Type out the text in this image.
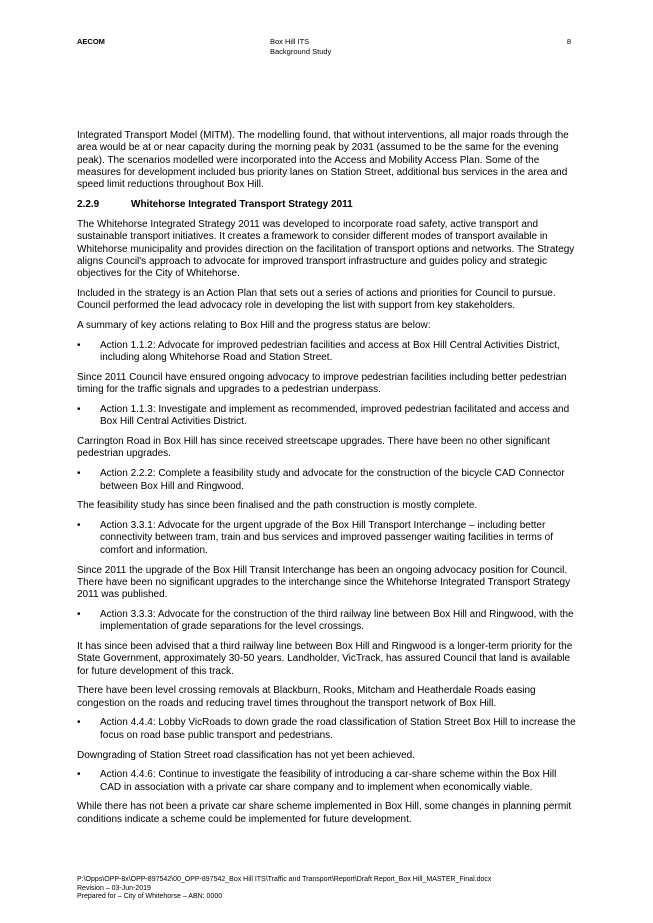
AECOM	Box Hill ITS
Background Study
8

Integrated Transport Model (MITM). The modelling found, that without interventions, all major roads through the area would be at or near capacity during the morning peak by 2031 (assumed to be the same for the evening peak). The scenarios modelled were incorporated into the Access and Mobility Access Plan. Some of the measures for development included bus priority lanes on Station Street, additional bus services in the area and speed limit reductions throughout Box Hill.

2.2.9	Whitehorse Integrated Transport Strategy 2011

The Whitehorse Integrated Strategy 2011 was developed to incorporate road safety, active transport and sustainable transport initiatives. It creates a framework to consider different modes of transport available in Whitehorse municipality and provides direction on the facilitation of transport options and networks. The Strategy aligns Council's approach to advocate for improved transport infrastructure and guides policy and strategic objectives for the City of Whitehorse.

Included in the strategy is an Action Plan that sets out a series of actions and priorities for Council to pursue. Council performed the lead advocacy role in developing the list with support from key stakeholders.

A summary of key actions relating to Box Hill and the progress status are below:

•	Action 1.1.2: Advocate for improved pedestrian facilities and access at Box Hill Central Activities District, including along Whitehorse Road and Station Street.

Since 2011 Council have ensured ongoing advocacy to improve pedestrian facilities including better pedestrian timing for the traffic signals and upgrades to a pedestrian underpass.

•	Action 1.1.3: Investigate and implement as recommended, improved pedestrian facilitated and access and Box Hill Central Activities District.

Carrington Road in Box Hill has since received streetscape upgrades. There have been no other significant pedestrian upgrades.

•	Action 2.2.2: Complete a feasibility study and advocate for the construction of the bicycle CAD Connector between Box Hill and Ringwood.

The feasibility study has since been finalised and the path construction is mostly complete.

•	Action 3.3.1: Advocate for the urgent upgrade of the Box Hill Transport Interchange – including better connectivity between tram, train and bus services and improved passenger waiting facilities in terms of comfort and information.

Since 2011 the upgrade of the Box Hill Transit Interchange has been an ongoing advocacy position for Council. There have been no significant upgrades to the interchange since the Whitehorse Integrated Transport Strategy 2011 was published.

•	Action 3.3.3: Advocate for the construction of the third railway line between Box Hill and Ringwood, with the implementation of grade separations for the level crossings.

It has since been advised that a third railway line between Box Hill and Ringwood is a longer-term priority for the State Government, approximately 30-50 years. Landholder, VicTrack, has assured Council that land is available for future development of this track.

There have been level crossing removals at Blackburn, Rooks, Mitcham and Heatherdale Roads easing congestion on the roads and reducing travel times throughout the transport network of Box Hill.

•	Action 4.4.4: Lobby VicRoads to down grade the road classification of Station Street Box Hill to increase the focus on road base public transport and pedestrians.

Downgrading of Station Street road classification has not yet been achieved.

•	Action 4.4.6: Continue to investigate the feasibility of introducing a car-share scheme within the Box Hill CAD in association with a private car share company and to implement when economically viable.

While there has not been a private car share scheme implemented in Box Hill, some changes in planning permit conditions indicate a scheme could be implemented for future development.

P:\Opps\OPP-8x\OPP-897542\00_OPP-897542_Box Hill ITS\Traffic and Transport\Report\Draft Report_Box Hill_MASTER_Final.docx
Revision – 03-Jun-2019
Prepared for – City of Whitehorse – ABN: 0000
